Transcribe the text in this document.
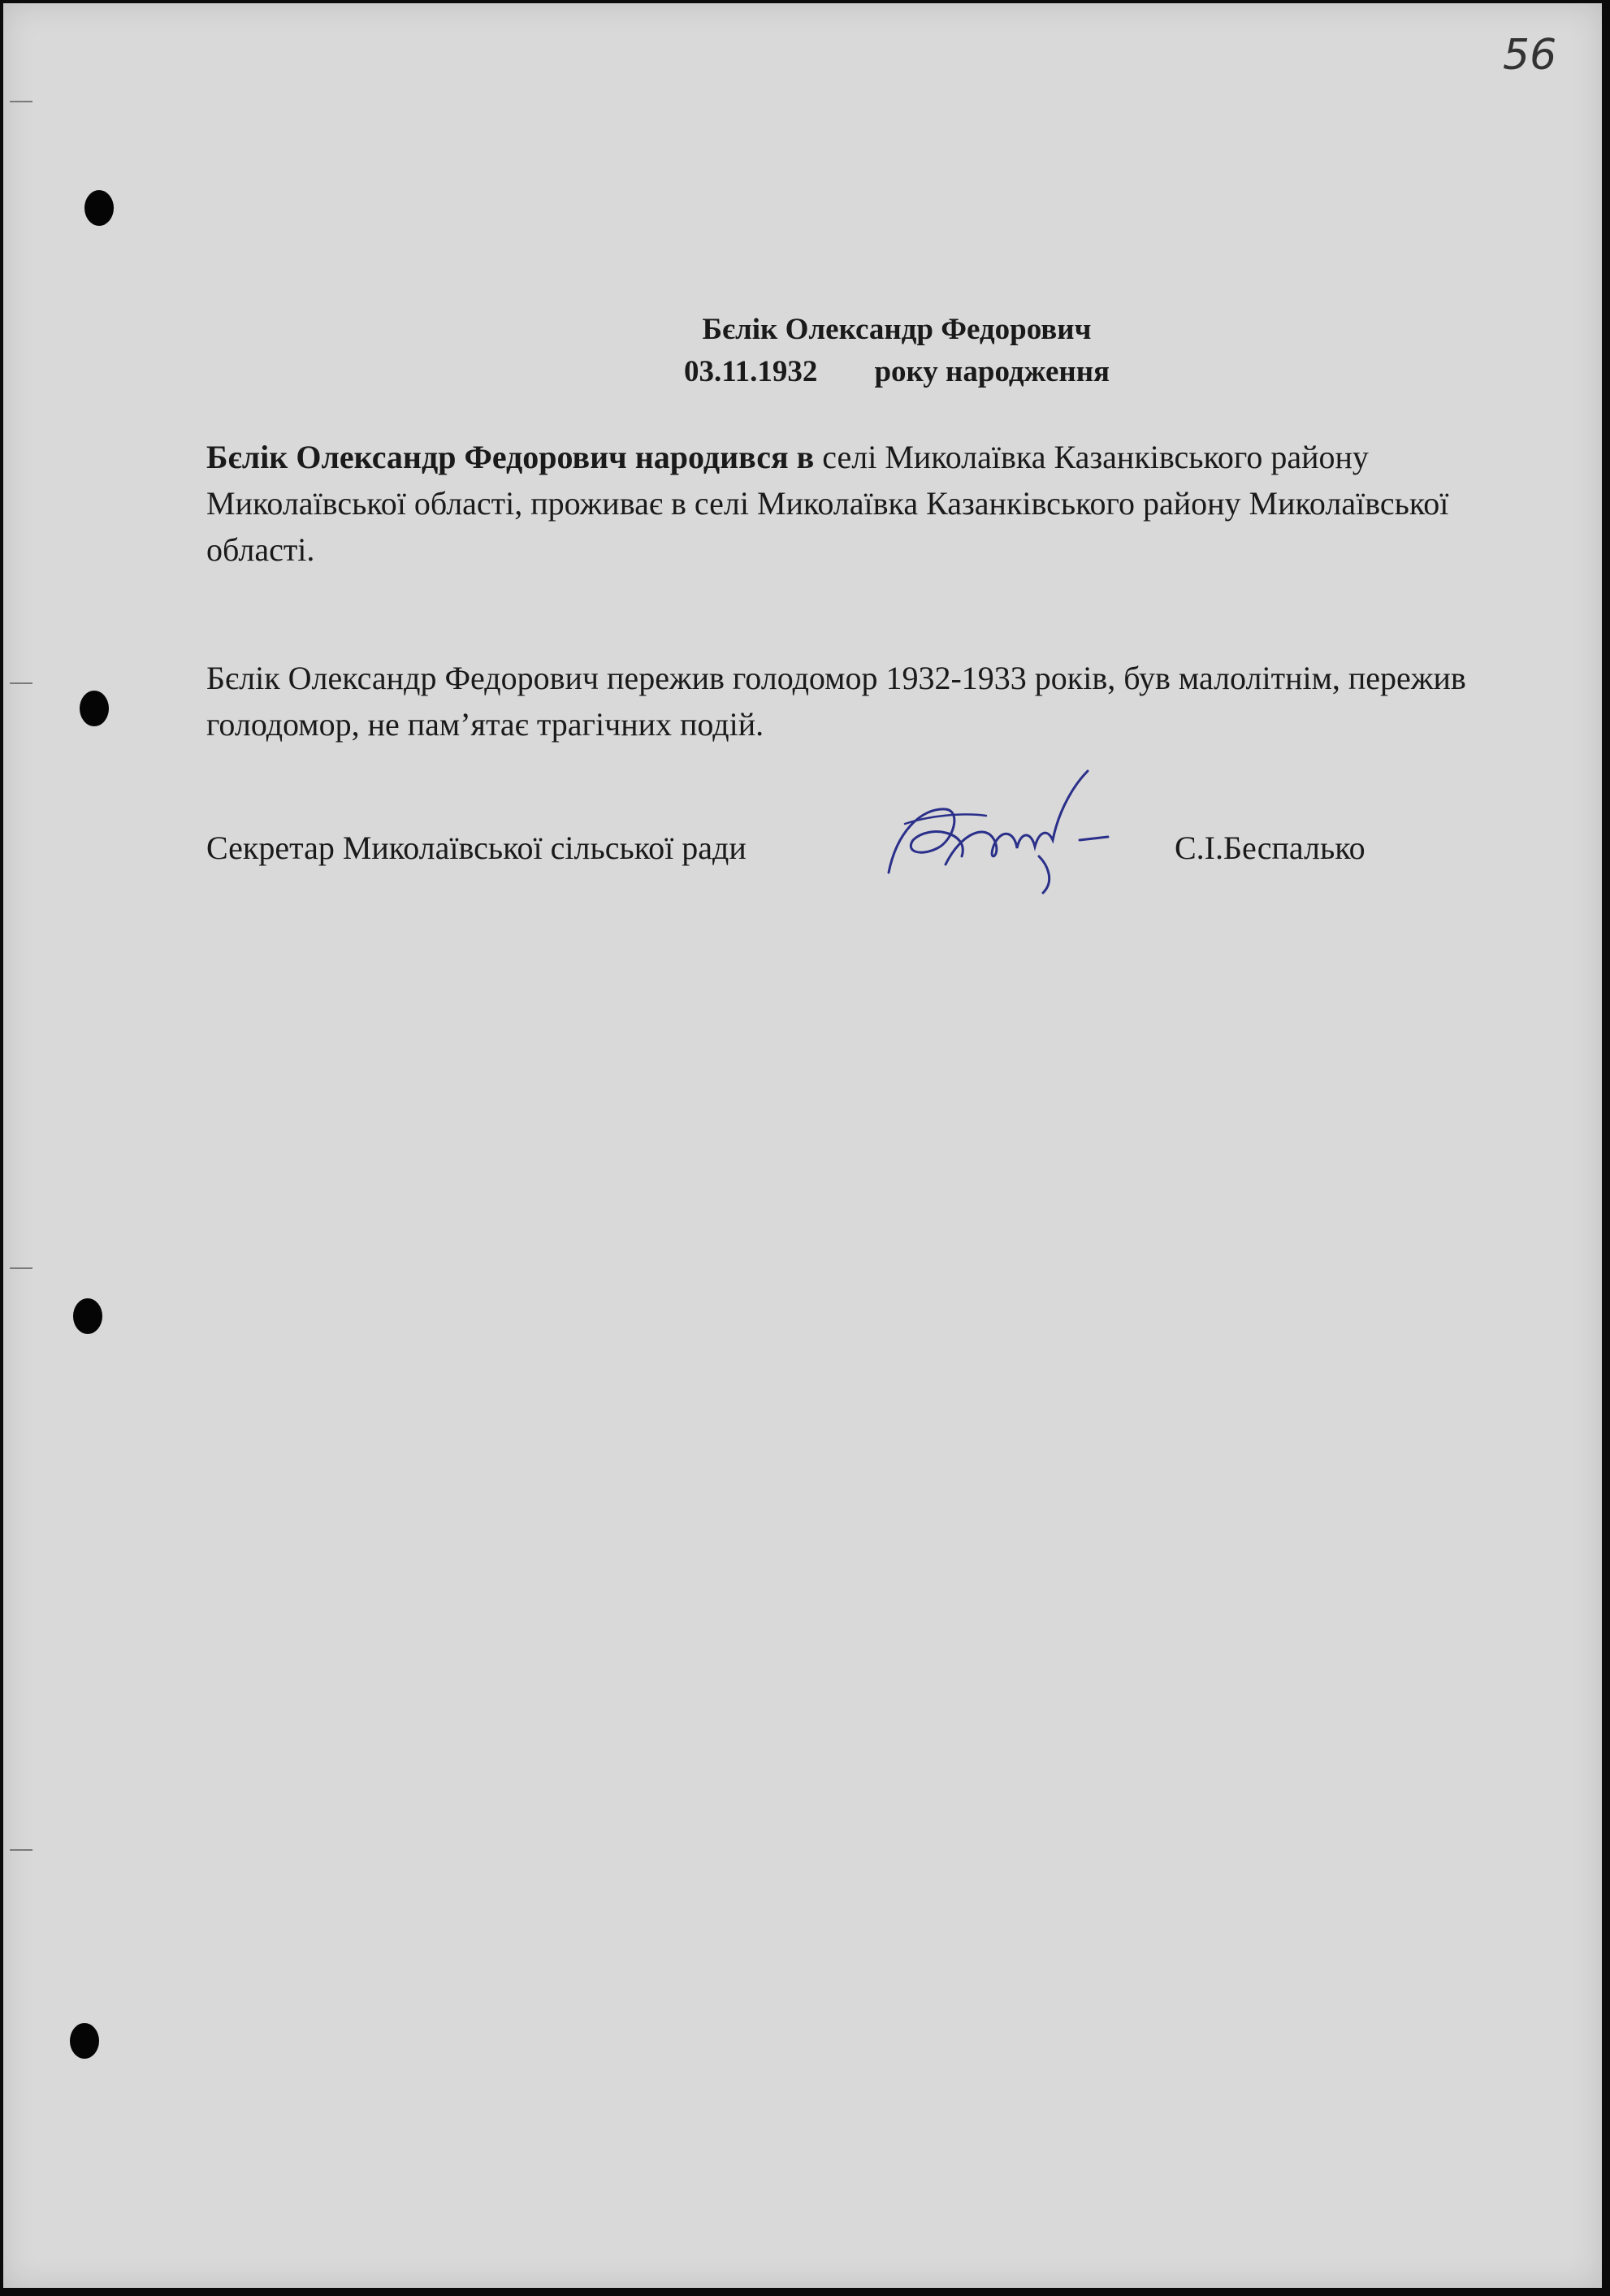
56
Бєлік Олександр Федорович
03.11.1932 року народження
Бєлік Олександр Федорович народився в селі Миколаївка Казанківського району Миколаївської області, проживає в селі Миколаївка Казанківського району Миколаївської області.
Бєлік Олександр Федорович пережив голодомор 1932-1933 років, був малолітнім, пережив голодомор, не пам’ятає трагічних подій.
Секретар Миколаївської сільської ради	С.І.Беспалько
